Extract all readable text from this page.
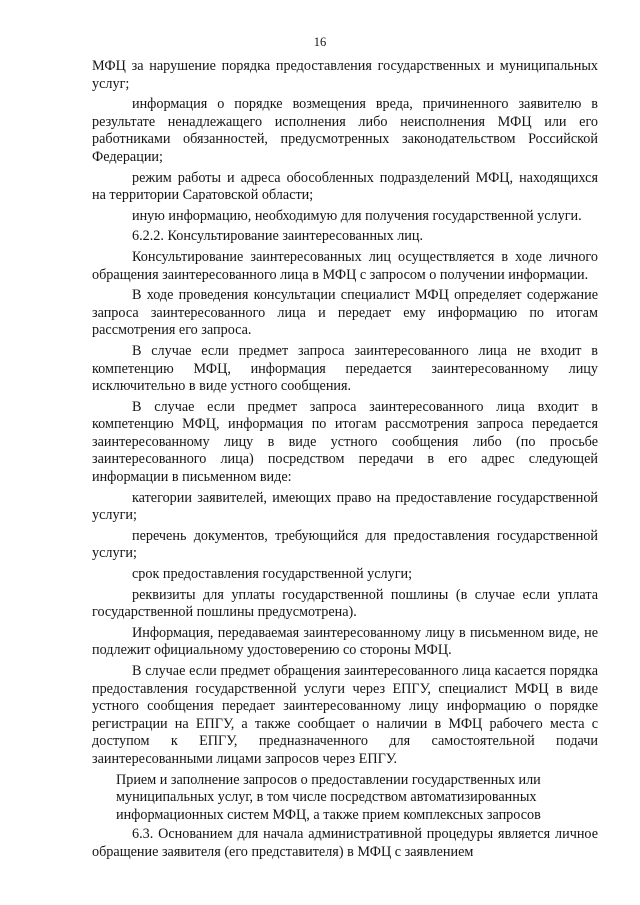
16

МФЦ за нарушение порядка предоставления государственных и муниципальных услуг;

информация о порядке возмещения вреда, причиненного заявителю в результате ненадлежащего исполнения либо неисполнения МФЦ или его работниками обязанностей, предусмотренных законодательством Российской Федерации;

режим работы и адреса обособленных подразделений МФЦ, находящихся на территории Саратовской области;

иную информацию, необходимую для получения государственной услуги.

6.2.2. Консультирование заинтересованных лиц.

Консультирование заинтересованных лиц осуществляется в ходе личного обращения заинтересованного лица в МФЦ с запросом о получении информации.

В ходе проведения консультации специалист МФЦ определяет содержание запроса заинтересованного лица и передает ему информацию по итогам рассмотрения его запроса.

В случае если предмет запроса заинтересованного лица не входит в компетенцию МФЦ, информация передается заинтересованному лицу исключительно в виде устного сообщения.

В случае если предмет запроса заинтересованного лица входит в компетенцию МФЦ, информация по итогам рассмотрения запроса передается заинтересованному лицу в виде устного сообщения либо (по просьбе заинтересованного лица) посредством передачи в его адрес следующей информации в письменном виде:

категории заявителей, имеющих право на предоставление государственной услуги;

перечень документов, требующийся для предоставления государственной услуги;

срок предоставления государственной услуги;

реквизиты для уплаты государственной пошлины (в случае если уплата государственной пошлины предусмотрена).

Информация, передаваемая заинтересованному лицу в письменном виде, не подлежит официальному удостоверению со стороны МФЦ.

В случае если предмет обращения заинтересованного лица касается порядка предоставления государственной услуги через ЕПГУ, специалист МФЦ в виде устного сообщения передает заинтересованному лицу информацию о порядке регистрации на ЕПГУ, а также сообщает о наличии в МФЦ рабочего места с доступом к ЕПГУ, предназначенного для самостоятельной подачи заинтересованными лицами запросов через ЕПГУ.

Прием и заполнение запросов о предоставлении государственных или муниципальных услуг, в том числе посредством автоматизированных информационных систем МФЦ, а также прием комплексных запросов

6.3. Основанием для начала административной процедуры является личное обращение заявителя (его представителя) в МФЦ с заявлением
